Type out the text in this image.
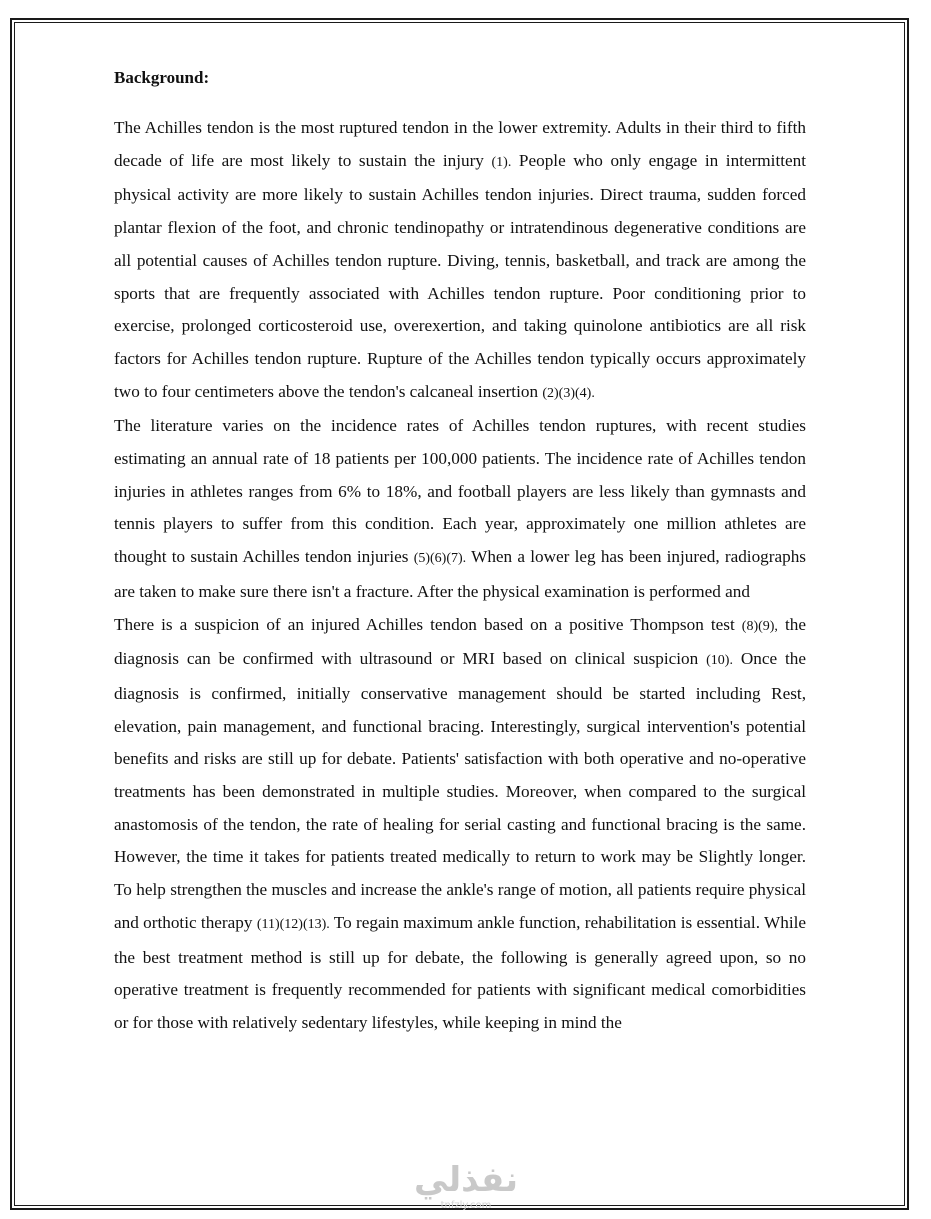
Background:

The Achilles tendon is the most ruptured tendon in the lower extremity. Adults in their third to fifth decade of life are most likely to sustain the injury (1). People who only engage in intermittent physical activity are more likely to sustain Achilles tendon injuries. Direct trauma, sudden forced plantar flexion of the foot, and chronic tendinopathy or intratendinous degenerative conditions are all potential causes of Achilles tendon rupture. Diving, tennis, basketball, and track are among the sports that are frequently associated with Achilles tendon rupture. Poor conditioning prior to exercise, prolonged corticosteroid use, overexertion, and taking quinolone antibiotics are all risk factors for Achilles tendon rupture. Rupture of the Achilles tendon typically occurs approximately two to four centimeters above the tendon's calcaneal insertion (2)(3)(4).

The literature varies on the incidence rates of Achilles tendon ruptures, with recent studies estimating an annual rate of 18 patients per 100,000 patients. The incidence rate of Achilles tendon injuries in athletes ranges from 6% to 18%, and football players are less likely than gymnasts and tennis players to suffer from this condition. Each year, approximately one million athletes are thought to sustain Achilles tendon injuries (5)(6)(7). When a lower leg has been injured, radiographs are taken to make sure there isn't a fracture. After the physical examination is performed and

There is a suspicion of an injured Achilles tendon based on a positive Thompson test (8)(9), the diagnosis can be confirmed with ultrasound or MRI based on clinical suspicion (10). Once the diagnosis is confirmed, initially conservative management should be started including Rest, elevation, pain management, and functional bracing. Interestingly, surgical intervention's potential benefits and risks are still up for debate. Patients' satisfaction with both operative and no-operative treatments has been demonstrated in multiple studies. Moreover, when compared to the surgical anastomosis of the tendon, the rate of healing for serial casting and functional bracing is the same. However, the time it takes for patients treated medically to return to work may be Slightly longer. To help strengthen the muscles and increase the ankle's range of motion, all patients require physical and orthotic therapy (11)(12)(13). To regain maximum ankle function, rehabilitation is essential. While the best treatment method is still up for debate, the following is generally agreed upon, so no operative treatment is frequently recommended for patients with significant medical comorbidities or for those with relatively sedentary lifestyles, while keeping in mind the

نفذلي
tnfzly.com
